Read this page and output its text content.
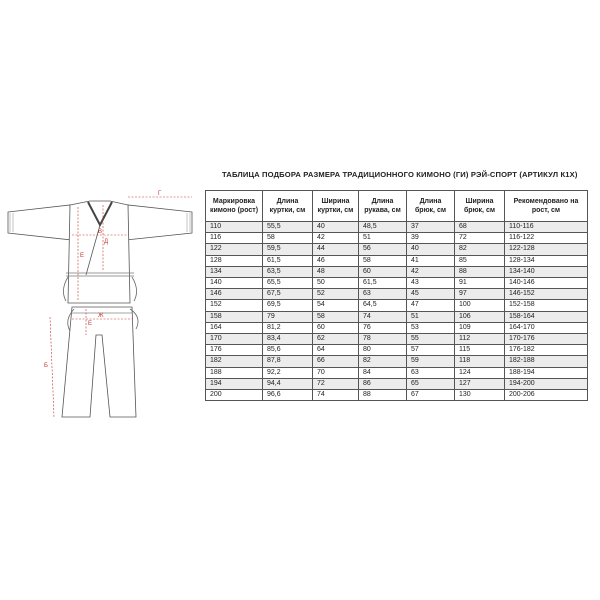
ТАБЛИЦА ПОДБОРА РАЗМЕРА ТРАДИЦИОННОГО КИМОНО (ГИ) РЭЙ-СПОРТ (АРТИКУЛ К1Х)
Маркировка кимоно (рост)	Длина куртки, см	Ширина куртки, см	Длина рукава, см	Длина брюк, см	Ширина брюк, см	Рекомендовано на рост, см
110	55,5	40	48,5	37	68	110-116
116	58	42	51	39	72	116-122
122	59,5	44	56	40	82	122-128
128	61,5	46	58	41	85	128-134
134	63,5	48	60	42	88	134-140
140	65,5	50	61,5	43	91	140-146
146	67,5	52	63	45	97	146-152
152	69,5	54	64,5	47	100	152-158
158	79	58	74	51	106	158-164
164	81,2	60	76	53	109	164-170
170	83,4	62	78	55	112	170-176
176	85,6	64	80	57	115	176-182
182	87,8	66	82	59	118	182-188
188	92,2	70	84	63	124	188-194
194	94,4	72	86	65	127	194-200
200	96,6	74	88	67	130	200-206
Г
В
Д
Е
Ж
Б
Е
